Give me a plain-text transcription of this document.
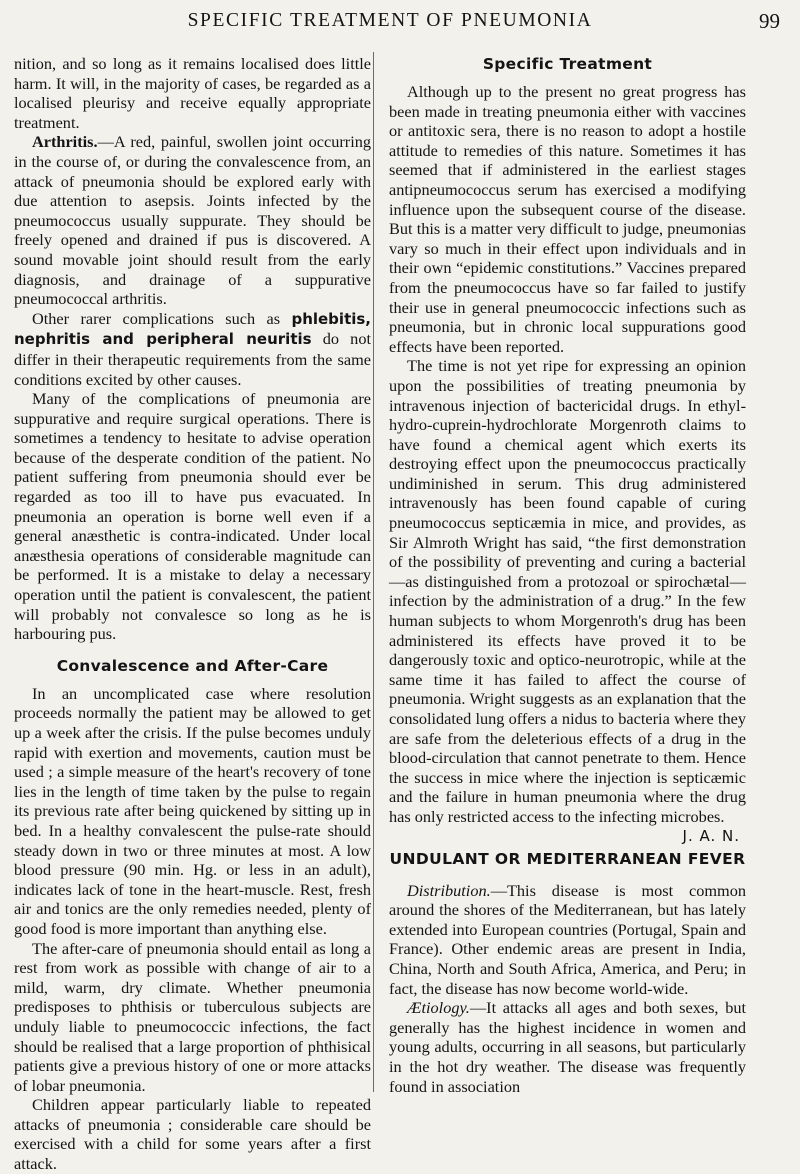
SPECIFIC TREATMENT OF PNEUMONIA	99

nition, and so long as it remains localised does little harm. It will, in the majority of cases, be regarded as a localised pleurisy and receive equally appropriate treatment.

Arthritis.—A red, painful, swollen joint occurring in the course of, or during the convalescence from, an attack of pneumonia should be explored early with due attention to asepsis. Joints infected by the pneumococcus usually suppurate. They should be freely opened and drained if pus is discovered. A sound movable joint should result from the early diagnosis, and drainage of a suppurative pneumococcal arthritis.

Other rarer complications such as phlebitis, nephritis and peripheral neuritis do not differ in their therapeutic requirements from the same conditions excited by other causes.

Many of the complications of pneumonia are suppurative and require surgical operations. There is sometimes a tendency to hesitate to advise operation because of the desperate condition of the patient. No patient suffering from pneumonia should ever be regarded as too ill to have pus evacuated. In pneumonia an operation is borne well even if a general anæsthetic is contra-indicated. Under local anæsthesia operations of considerable magnitude can be performed. It is a mistake to delay a necessary operation until the patient is convalescent, the patient will probably not convalesce so long as he is harbouring pus.

Convalescence and After-Care

In an uncomplicated case where resolution proceeds normally the patient may be allowed to get up a week after the crisis. If the pulse becomes unduly rapid with exertion and movements, caution must be used ; a simple measure of the heart's recovery of tone lies in the length of time taken by the pulse to regain its previous rate after being quickened by sitting up in bed. In a healthy convalescent the pulse-rate should steady down in two or three minutes at most. A low blood pressure (90 min. Hg. or less in an adult), indicates lack of tone in the heart-muscle. Rest, fresh air and tonics are the only remedies needed, plenty of good food is more important than anything else.

The after-care of pneumonia should entail as long a rest from work as possible with change of air to a mild, warm, dry climate. Whether pneumonia predisposes to phthisis or tuberculous subjects are unduly liable to pneumococcic infections, the fact should be realised that a large proportion of phthisical patients give a previous history of one or more attacks of lobar pneumonia.

Children appear particularly liable to repeated attacks of pneumonia ; considerable care should be exercised with a child for some years after a first attack.

Specific Treatment

Although up to the present no great progress has been made in treating pneumonia either with vaccines or antitoxic sera, there is no reason to adopt a hostile attitude to remedies of this nature. Sometimes it has seemed that if administered in the earliest stages antipneumococcus serum has exercised a modifying influence upon the subsequent course of the disease. But this is a matter very difficult to judge, pneumonias vary so much in their effect upon individuals and in their own “epidemic constitutions.” Vaccines prepared from the pneumococcus have so far failed to justify their use in general pneumococcic infections such as pneumonia, but in chronic local suppurations good effects have been reported.

The time is not yet ripe for expressing an opinion upon the possibilities of treating pneumonia by intravenous injection of bactericidal drugs. In ethyl-hydro-cuprein-hydrochlorate Morgenroth claims to have found a chemical agent which exerts its destroying effect upon the pneumococcus practically undiminished in serum. This drug administered intravenously has been found capable of curing pneumococcus septicæmia in mice, and provides, as Sir Almroth Wright has said, “the first demonstration of the possibility of preventing and curing a bacterial—as distinguished from a protozoal or spirochætal—infection by the administration of a drug.” In the few human subjects to whom Morgenroth's drug has been administered its effects have proved it to be dangerously toxic and optico-neurotropic, while at the same time it has failed to affect the course of pneumonia. Wright suggests as an explanation that the consolidated lung offers a nidus to bacteria where they are safe from the deleterious effects of a drug in the blood-circulation that cannot penetrate to them. Hence the success in mice where the injection is septicæmic and the failure in human pneumonia where the drug has only restricted access to the infecting microbes.
J. A. N.

UNDULANT OR MEDITERRANEAN FEVER

Distribution.—This disease is most common around the shores of the Mediterranean, but has lately extended into European countries (Portugal, Spain and France). Other endemic areas are present in India, China, North and South Africa, America, and Peru; in fact, the disease has now become world-wide.

Ætiology.—It attacks all ages and both sexes, but generally has the highest incidence in women and young adults, occurring in all seasons, but particularly in the hot dry weather. The disease was frequently found in association
